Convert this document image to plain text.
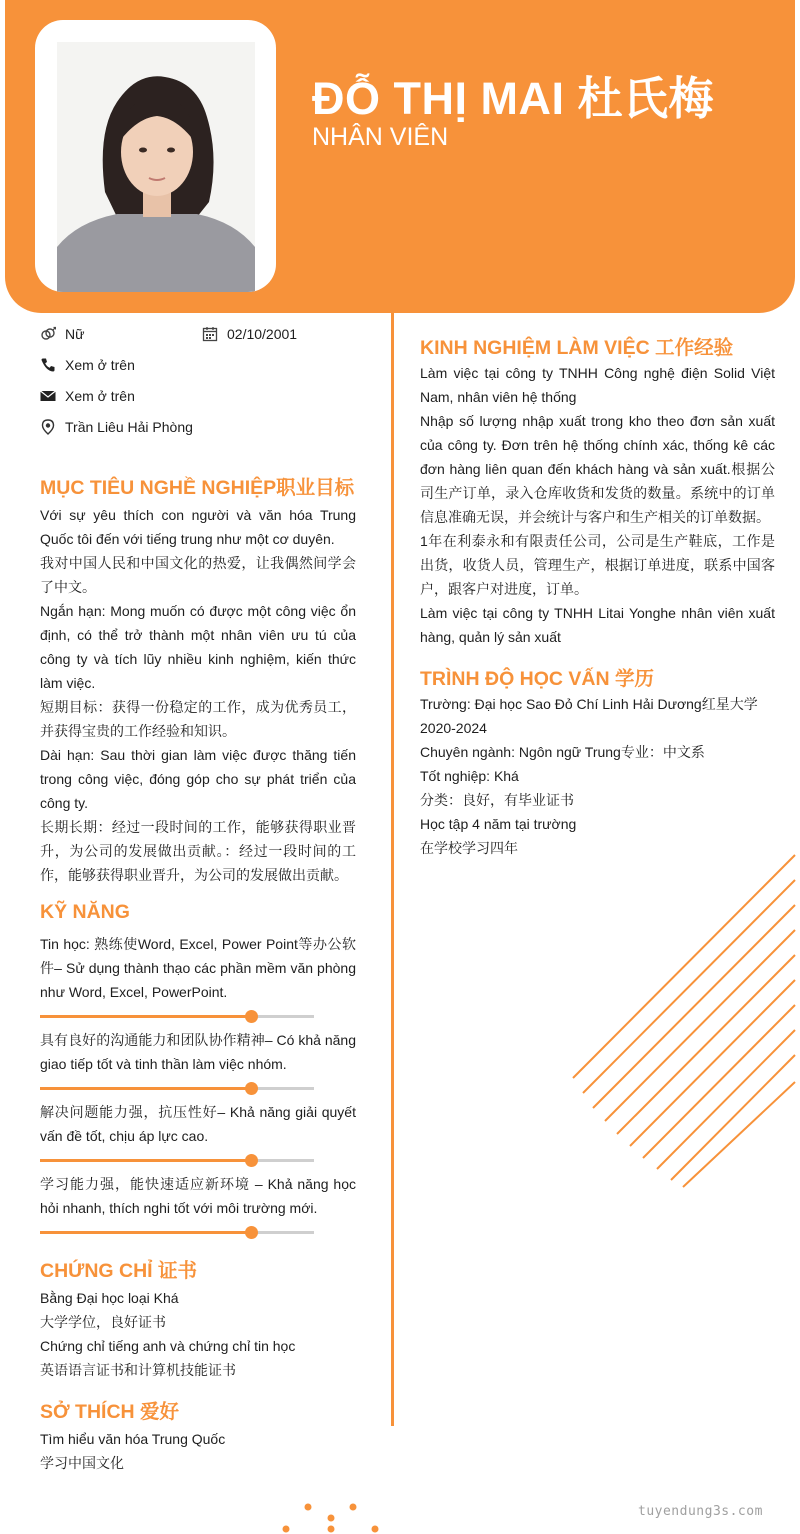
ĐỖ THỊ MAI 杜氏梅
NHÂN VIÊN
Nữ	02/10/2001
Xem ở trên
Xem ở trên
Trần Liêu Hải Phòng
MỤC TIÊU NGHỀ NGHIỆP职业目标

Với sự yêu thích con người và văn hóa Trung Quốc tôi đến với tiếng trung như một cơ duyên.

我对中国人民和中国文化的热爱，让我偶然间学会了中文。

Ngắn hạn: Mong muốn có được một công việc ổn định, có thể trở thành một nhân viên ưu tú của công ty và tích lũy nhiều kinh nghiệm, kiến thức làm việc.

短期目标：获得一份稳定的工作，成为优秀员工，并获得宝贵的工作经验和知识。

Dài hạn: Sau thời gian làm việc được thăng tiến trong công việc, đóng góp cho sự phát triển của công ty.

长期长期：经过一段时间的工作，能够获得职业晋升，为公司的发展做出贡献。：经过一段时间的工作，能够获得职业晋升，为公司的发展做出贡献。

KỸ NĂNG
Tin học: 熟练使Word, Excel, Power Point等办公软件– Sử dụng thành thạo các phần mềm văn phòng như Word, Excel, PowerPoint.
具有良好的沟通能力和团队协作精神– Có khả năng giao tiếp tốt và tinh thần làm việc nhóm.
解决问题能力强，抗压性好– Khả năng giải quyết vấn đề tốt, chịu áp lực cao.
学习能力强，能快速适应新环境 – Khả năng học hỏi nhanh, thích nghi tốt với môi trường mới.
CHỨNG CHỈ 证书
Bằng Đại học loại Khá
大学学位，良好证书
Chứng chỉ tiếng anh và chứng chỉ tin học
英语语言证书和计算机技能证书
SỞ THÍCH 爱好
Tìm hiểu văn hóa Trung Quốc
学习中国文化
KINH NGHIỆM LÀM VIỆC 工作经验

Làm việc tại công ty TNHH Công nghệ điện Solid Việt Nam, nhân viên hệ thống

Nhập số lượng nhập xuất trong kho theo đơn sản xuất của công ty. Đơn trên hệ thống chính xác, thống kê các đơn hàng liên quan đến khách hàng và sản xuất.根据公司生产订单，录入仓库收货和发货的数量。系统中的订单信息准确无误，并会统计与客户和生产相关的订单数据。

1年在利泰永和有限责任公司，公司是生产鞋底，工作是出货，收货人员，管理生产，根据订单进度，联系中国客户，跟客户对进度，订单。

Làm việc tại công ty TNHH Litai Yonghe nhân viên xuất hàng, quản lý sản xuất

TRÌNH ĐỘ HỌC VẤN 学历
Trường: Đại học Sao Đỏ Chí Linh Hải Dương红星大学
2020-2024
Chuyên ngành: Ngôn ngữ Trung专业：中文系
Tốt nghiệp: Khá
分类：良好，有毕业证书
Học tập 4 năm tại trường
在学校学习四年
tuyendung3s.com
